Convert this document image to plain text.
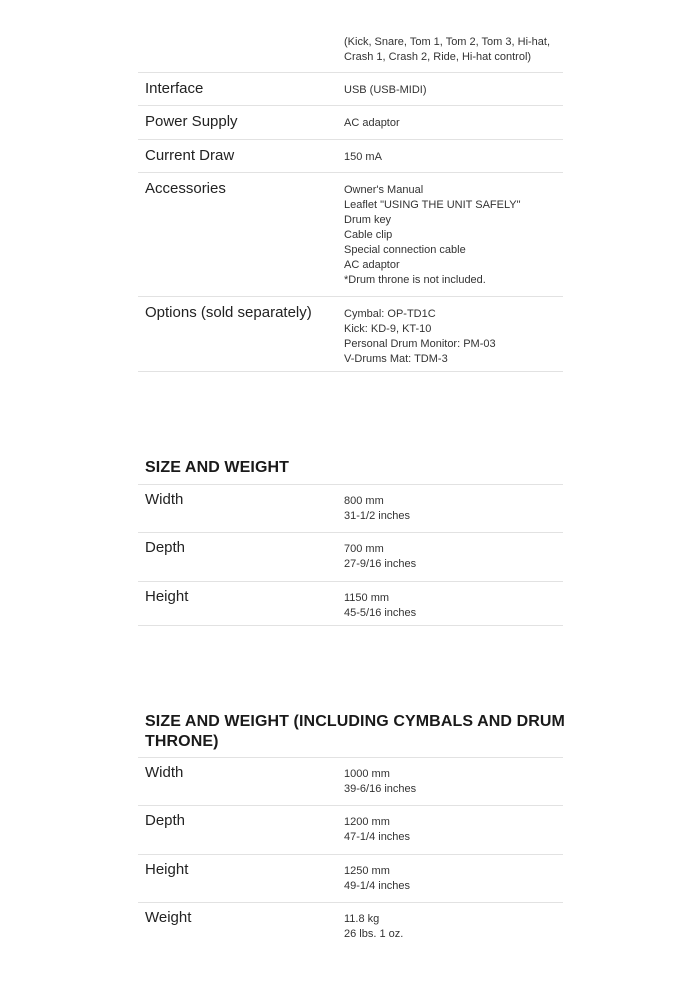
(Kick, Snare, Tom 1, Tom 2, Tom 3, Hi-hat,
Crash 1, Crash 2, Ride, Hi-hat control)
Interface	USB (USB-MIDI)
Power Supply	AC adaptor
Current Draw	150 mA
Accessories	Owner's Manual
Leaflet "USING THE UNIT SAFELY"
Drum key
Cable clip
Special connection cable
AC adaptor
*Drum throne is not included.
Options (sold separately)	Cymbal: OP-TD1C
Kick: KD-9, KT-10
Personal Drum Monitor: PM-03
V-Drums Mat: TDM-3
SIZE AND WEIGHT
Width	800 mm
31-1/2 inches
Depth	700 mm
27-9/16 inches
Height	1150 mm
45-5/16 inches
SIZE AND WEIGHT (INCLUDING CYMBALS AND DRUM THRONE)
Width	1000 mm
39-6/16 inches
Depth	1200 mm
47-1/4 inches
Height	1250 mm
49-1/4 inches
Weight	11.8 kg
26 lbs. 1 oz.
